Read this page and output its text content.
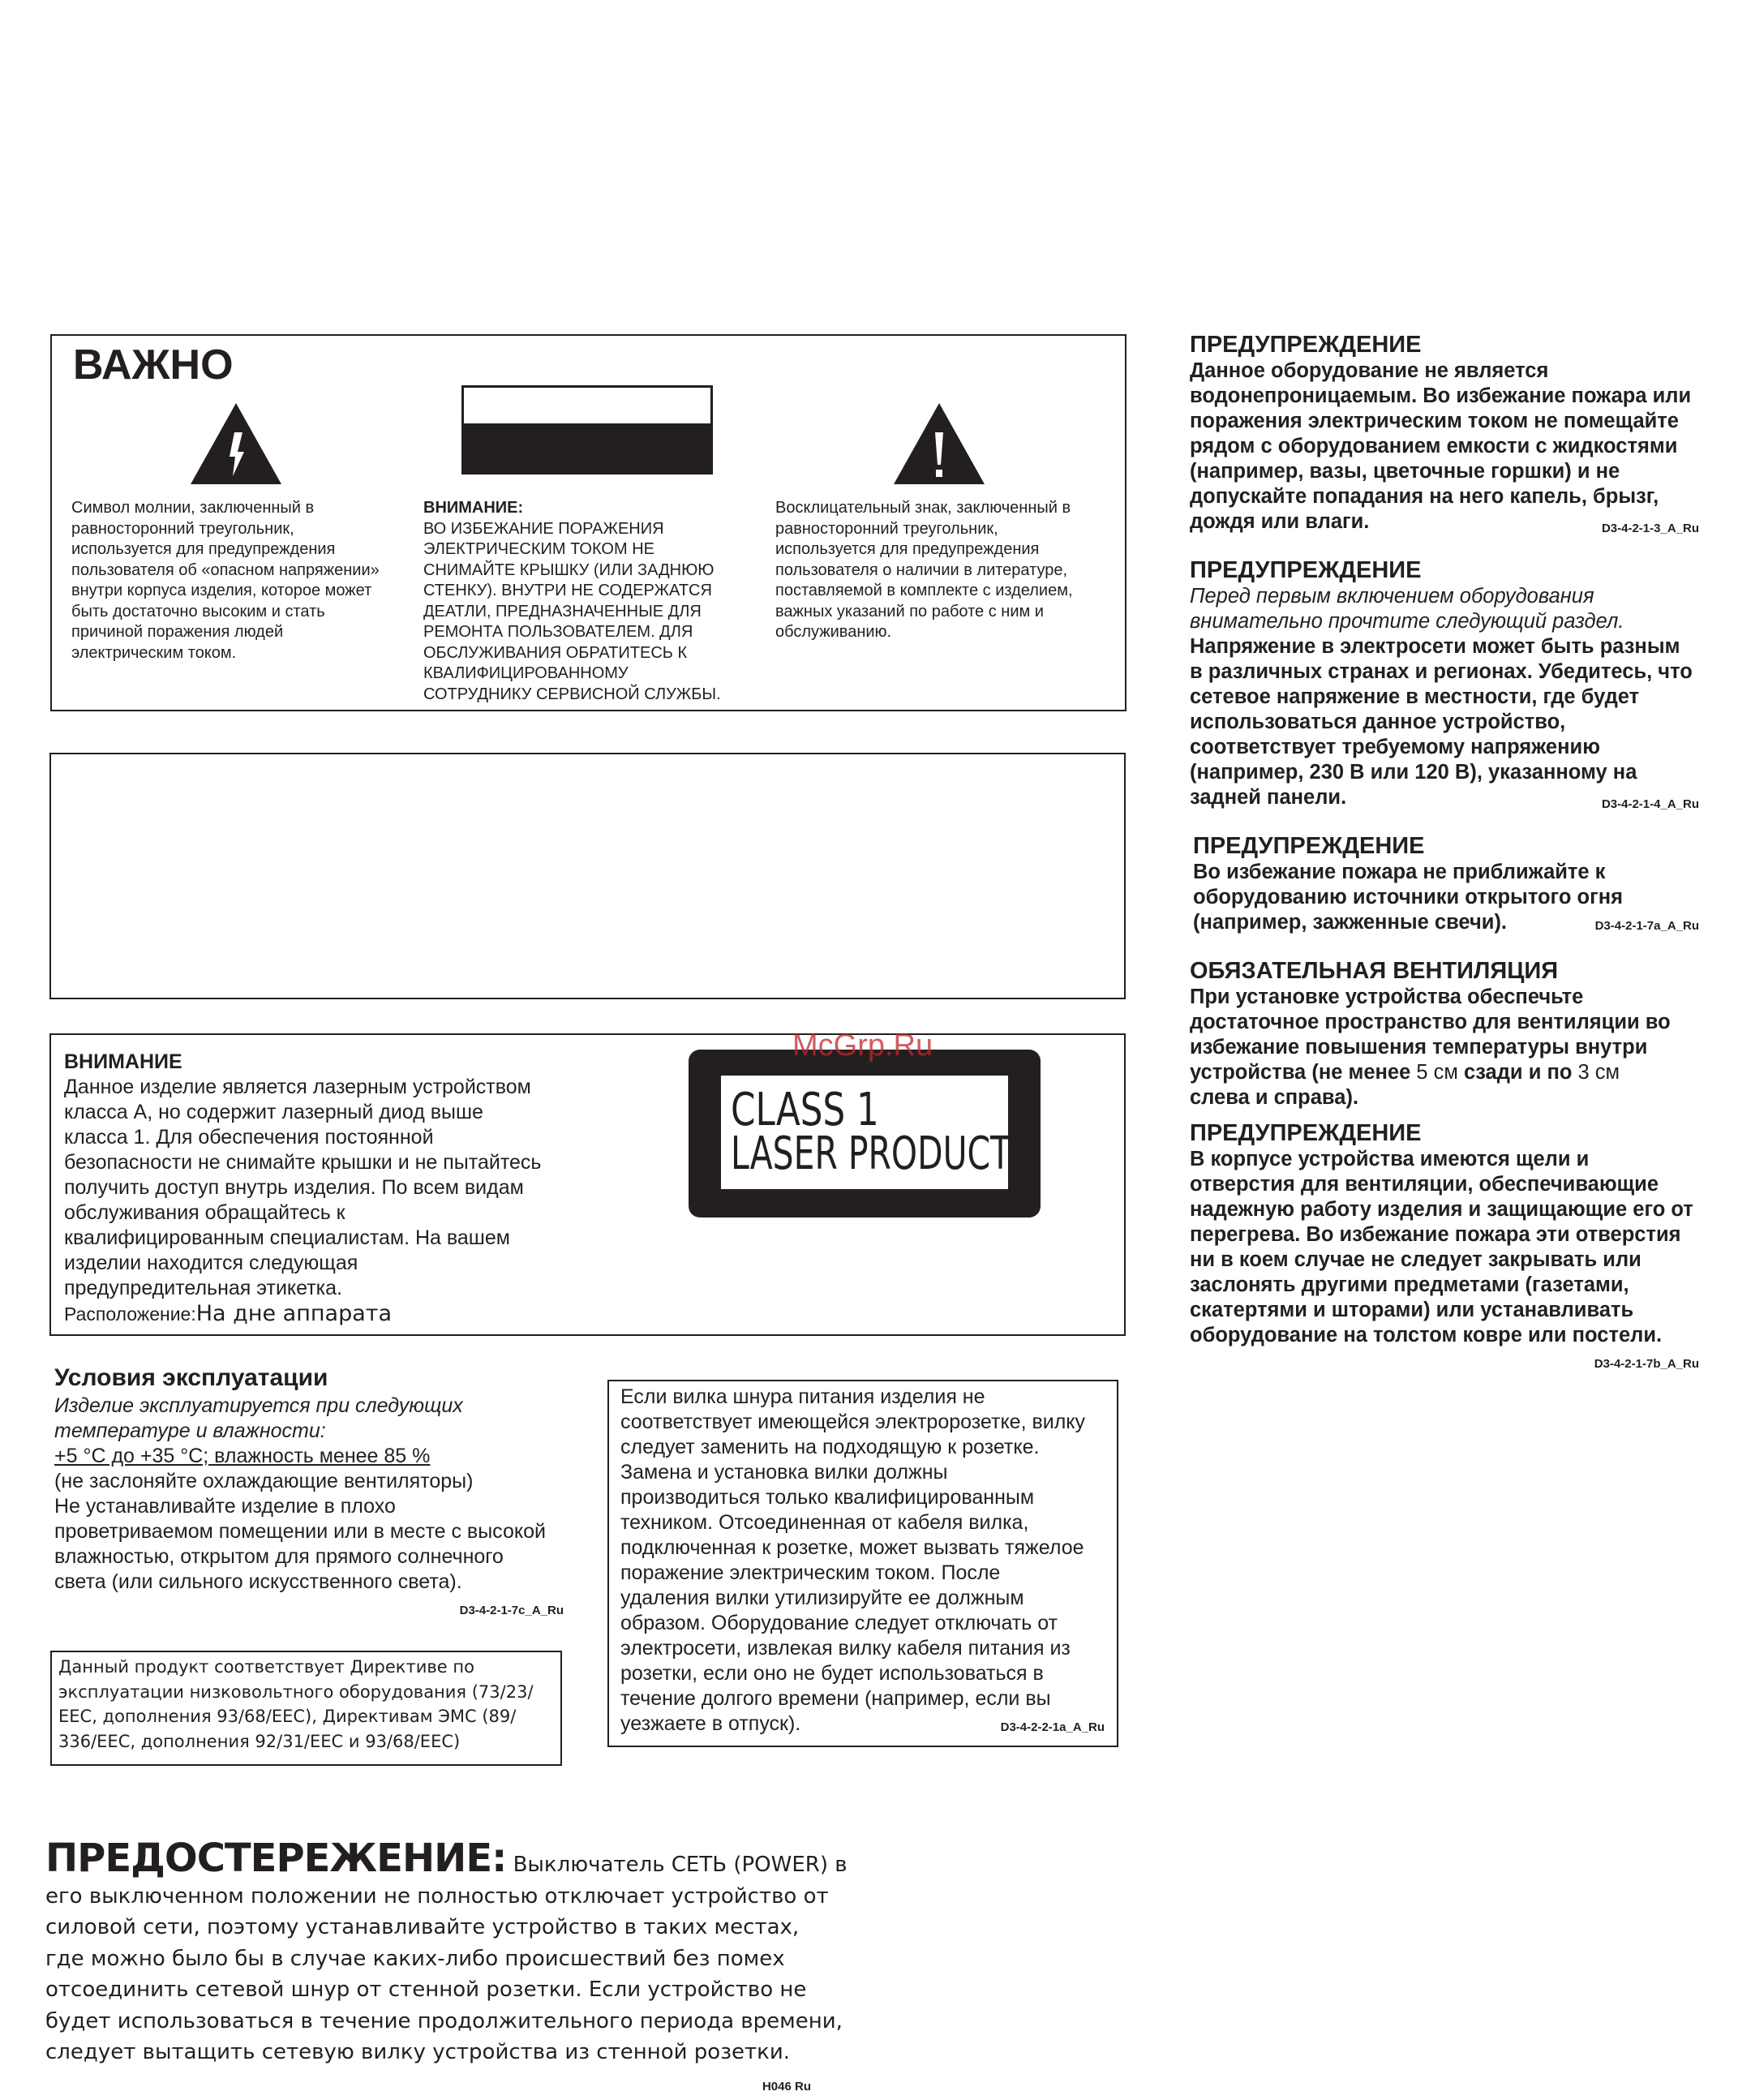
ВАЖНО
Символ молнии, заключенный в
равносторонний треугольник,
используется для предупреждения
пользователя об «опасном напряжении»
внутри корпуса изделия, которое может
быть достаточно высоким и стать
причиной поражения людей
электрическим током.
ВНИМАНИЕ:
ВО ИЗБЕЖАНИЕ ПОРАЖЕНИЯ
ЭЛЕКТРИЧЕСКИМ ТОКОМ НЕ
СНИМАЙТЕ КРЫШКУ (ИЛИ ЗАДНЮЮ
СТЕНКУ). ВНУТРИ НЕ СОДЕРЖАТСЯ
ДЕАТЛИ, ПРЕДНАЗНАЧЕННЫЕ ДЛЯ
РЕМОНТА ПОЛЬЗОВАТЕЛЕМ. ДЛЯ
ОБСЛУЖИВАНИЯ ОБРАТИТЕСЬ К
КВАЛИФИЦИРОВАННОМУ
СОТРУДНИКУ СЕРВИСНОЙ СЛУЖБЫ.
Восклицательный знак, заключенный в
равносторонний треугольник,
используется для предупреждения
пользователя о наличии в литературе,
поставляемой в комплекте с изделием,
важных указаний по работе с ним и
обслуживанию.
ВНИМАНИЕ
Данное изделие является лазерным устройством
класса А, но содержит лазерный диод выше
класса 1. Для обеспечения постоянной
безопасности не снимайте крышки и не пытайтесь
получить доступ внутрь изделия. По всем видам
обслуживания обращайтесь к
квалифицированным специалистам. На вашем
изделии находится следующая
предупредительная этикетка.
Расположение:На дне аппарата
CLASS 1
LASER PRODUCT
McGrp.Ru
Условия эксплуатации
Изделие эксплуатируется при следующих
температуре и влажности:
+5 °C до +35 °C; влажность менее 85 %
(не заслоняйте охлаждающие вентиляторы)
Не устанавливайте изделие в плохо
проветриваемом помещении или в месте с высокой
влажностью, открытом для прямого солнечного
света (или сильного искусственного света).
D3-4-2-1-7c_A_Ru
Данный продукт соответствует Директиве по
эксплуатации низковольтного оборудования (73/23/
EEC, дополнения 93/68/EEC), Директивам ЭМС (89/
336/EEC, дополнения 92/31/EEC и 93/68/EEC)
Если вилка шнура питания изделия не
соответствует имеющейся электророзетке, вилку
следует заменить на подходящую к розетке.
Замена и установка вилки должны
производиться только квалифицированным
техником. Отсоединенная от кабеля вилка,
подключенная к розетке, может вызвать тяжелое
поражение электрическим током. После
удаления вилки утилизируйте ее должным
образом. Оборудование следует отключать от
электросети, извлекая вилку кабеля питания из
розетки, если оно не будет использоваться в
течение долгого времени (например, если вы
уезжаете в отпуск).	D3-4-2-2-1a_A_Ru
ПРЕДОСТЕРЕЖЕНИЕ: Выключатель СЕТЬ (POWER) в
его выключенном положении не полностью отключает устройство от
силовой сети, поэтому устанавливайте устройство в таких местах,
где можно было бы в случае каких-либо происшествий без помех
отсоединить сетевой шнур от стенной розетки. Если устройство не
будет использоваться в течение продолжительного периода времени,
следует вытащить сетевую вилку устройства из стенной розетки.
H046 Ru
ПРЕДУПРЕЖДЕНИЕ
Данное оборудование не является
водонепроницаемым. Во избежание пожара или
поражения электрическим током не помещайте
рядом с оборудованием емкости с жидкостями
(например, вазы, цветочные горшки) и не
допускайте попадания на него капель, брызг,
дождя или влаги.	D3-4-2-1-3_A_Ru
ПРЕДУПРЕЖДЕНИЕ
Перед первым включением оборудования
внимательно прочтите следующий раздел.
Напряжение в электросети может быть разным
в различных странах и регионах. Убедитесь, что
сетевое напряжение в местности, где будет
использоваться данное устройство,
соответствует требуемому напряжению
(например, 230 В или 120 В), указанному на
задней панели.	D3-4-2-1-4_A_Ru
ПРЕДУПРЕЖДЕНИЕ
Во избежание пожара не приближайте к
оборудованию источники открытого огня
(например, зажженные свечи).	D3-4-2-1-7a_A_Ru
ОБЯЗАТЕЛЬНАЯ ВЕНТИЛЯЦИЯ
При установке устройства обеспечьте
достаточное пространство для вентиляции во
избежание повышения температуры внутри
устройства (не менее 5 см сзади и по 3 см
слева и справа).
ПРЕДУПРЕЖДЕНИЕ
В корпусе устройства имеются щели и
отверстия для вентиляции, обеспечивающие
надежную работу изделия и защищающие его от
перегрева. Во избежание пожара эти отверстия
ни в коем случае не следует закрывать или
заслонять другими предметами (газетами,
скатертями и шторами) или устанавливать
оборудование на толстом ковре или постели.
D3-4-2-1-7b_A_Ru
